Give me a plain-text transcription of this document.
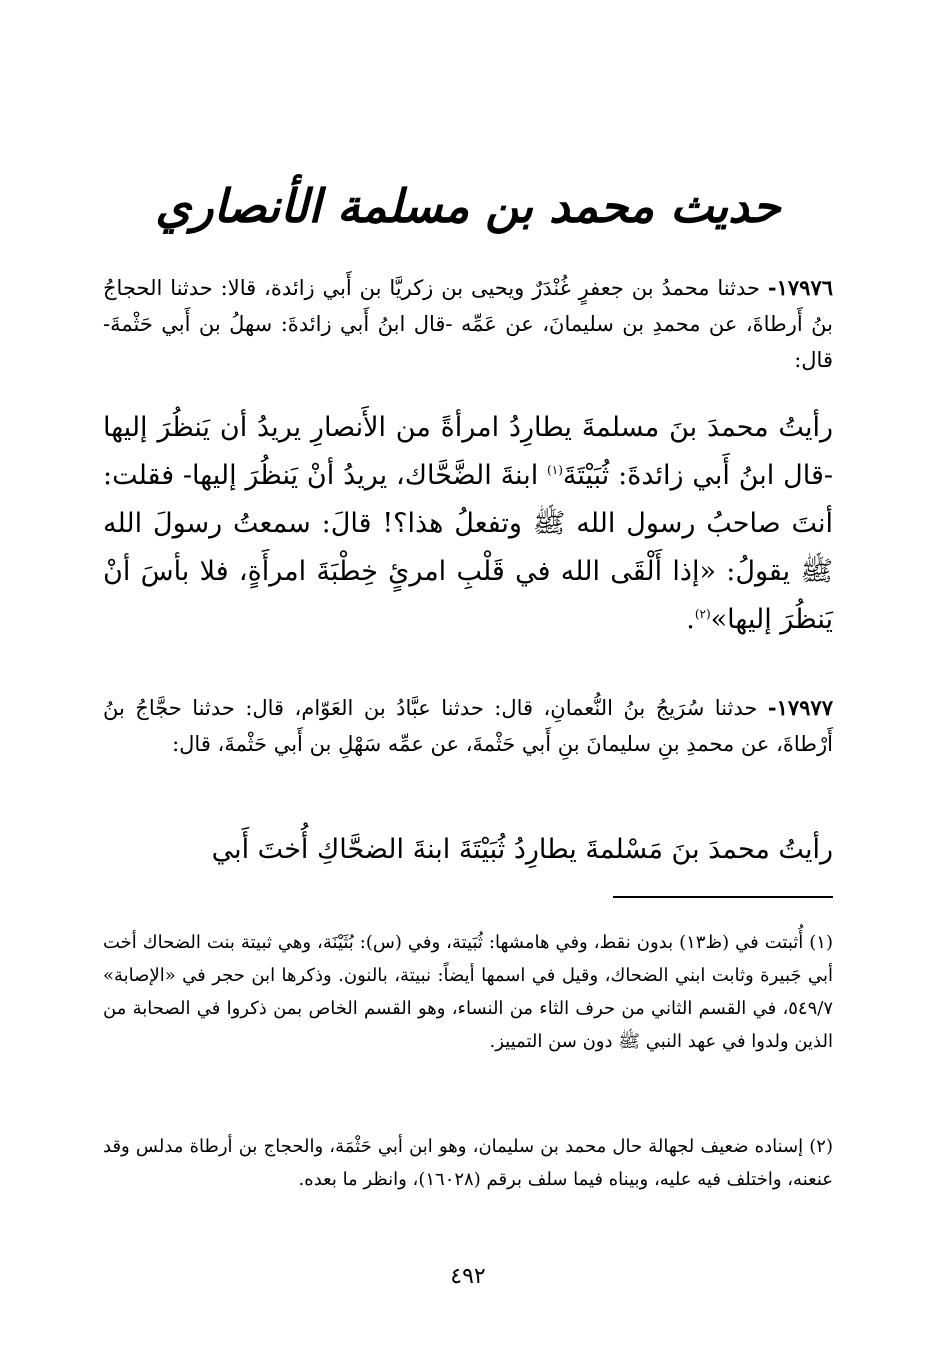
حديث محمد بن مسلمة الأنصاري
١٧٩٧٦- حدثنا محمدُ بن جعفرٍ غُنْدَرٌ ويحيى بن زكريَّا بن أَبي زائدة، قالا: حدثنا الحجاجُ بنُ أَرطاةَ، عن محمدِ بن سليمانَ، عن عَمِّه -قال ابنُ أَبي زائدةَ: سهلُ بن أَبي حَثْمةَ- قال:
رأيتُ محمدَ بنَ مسلمةَ يطارِدُ امرأةً من الأَنصارِ يريدُ أن يَنظُرَ إليها -قال ابنُ أَبي زائدةَ: ثُبَيْتَةَ$^{(١)}$ ابنةَ الضَّحَّاك، يريدُ أنْ يَنظُرَ إليها- فقلت: أنتَ صاحبُ رسول الله ﷺ وتفعلُ هذا؟! قالَ: سمعتُ رسولَ الله ﷺ يقولُ: «إذا أَلْقَى الله في قَلْبِ امرئٍ خِطْبَةَ امرأَةٍ، فلا بأسَ أنْ يَنظُرَ إليها»$^{(٢)}$.
١٧٩٧٧- حدثنا سُرَيجُ بنُ النُّعمانِ، قال: حدثنا عبَّادُ بن العَوّام، قال: حدثنا حجَّاجُ بنُ أَرْطاةَ، عن محمدِ بنِ سليمانَ بنِ أَبي حَثْمةَ، عن عمِّه سَهْلِ بن أَبي حَثْمةَ، قال:
رأيتُ محمدَ بنَ مَسْلمةَ يطارِدُ ثُبَيْتَةَ ابنةَ الضحَّاكِ أُختَ أَبي
(١) أُثبتت في (ظ١٣) بدون نقط، وفي هامشها: ثُبَيتة، وفي (س): بُثَيْنَة، وهي ثبيتة بنت الضحاك أخت أبي جَبيرة وثابت ابني الضحاك، وقيل في اسمها أيضاً: نبيتة، بالنون. وذكرها ابن حجر في «الإصابة» ٥٤٩/٧، في القسم الثاني من حرف الثاء من النساء، وهو القسم الخاص بمن ذكروا في الصحابة من الذين ولدوا في عهد النبي ﷺ دون سن التمييز.
(٢) إسناده ضعيف لجهالة حال محمد بن سليمان، وهو ابن أبي حَثْمَة، والحجاج بن أرطاة مدلس وقد عنعنه، واختلف فيه عليه، وبيناه فيما سلف برقم (١٦٠٢٨)، وانظر ما بعده.
٤٩٢
